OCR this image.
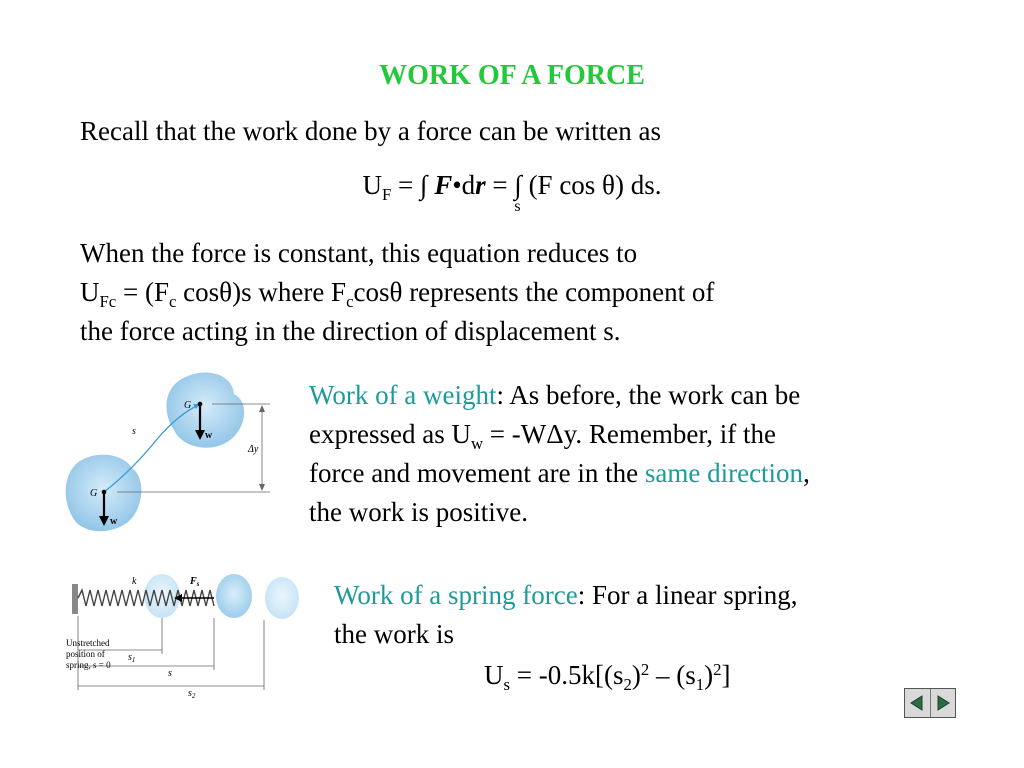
WORK OF A FORCE
Recall that the work done by a force can be written as
$U_F$ = ∫ F•dr = ∫
s
(F cos θ) ds.
When the force is constant, this equation reduces to
$U_{Fc} = (F_c$ cosθ)s where $F_c\cos\theta$ represents the component of
the force acting in the direction of displacement s.
G
w
G
w
s
Δy
Work of a weight: As before, the work can be
expressed as $U_w = -W\Delta y$. Remember, if the
force and movement are in the same direction,
the work is positive.
k	$F_s$
Unstretched
position of
spring, s = 0
$s_1$
s
$s_2$
Work of a spring force: For a linear spring,
the work is
$U_s = -0.5k[(s_2)^2 - (s_1)^2]$
